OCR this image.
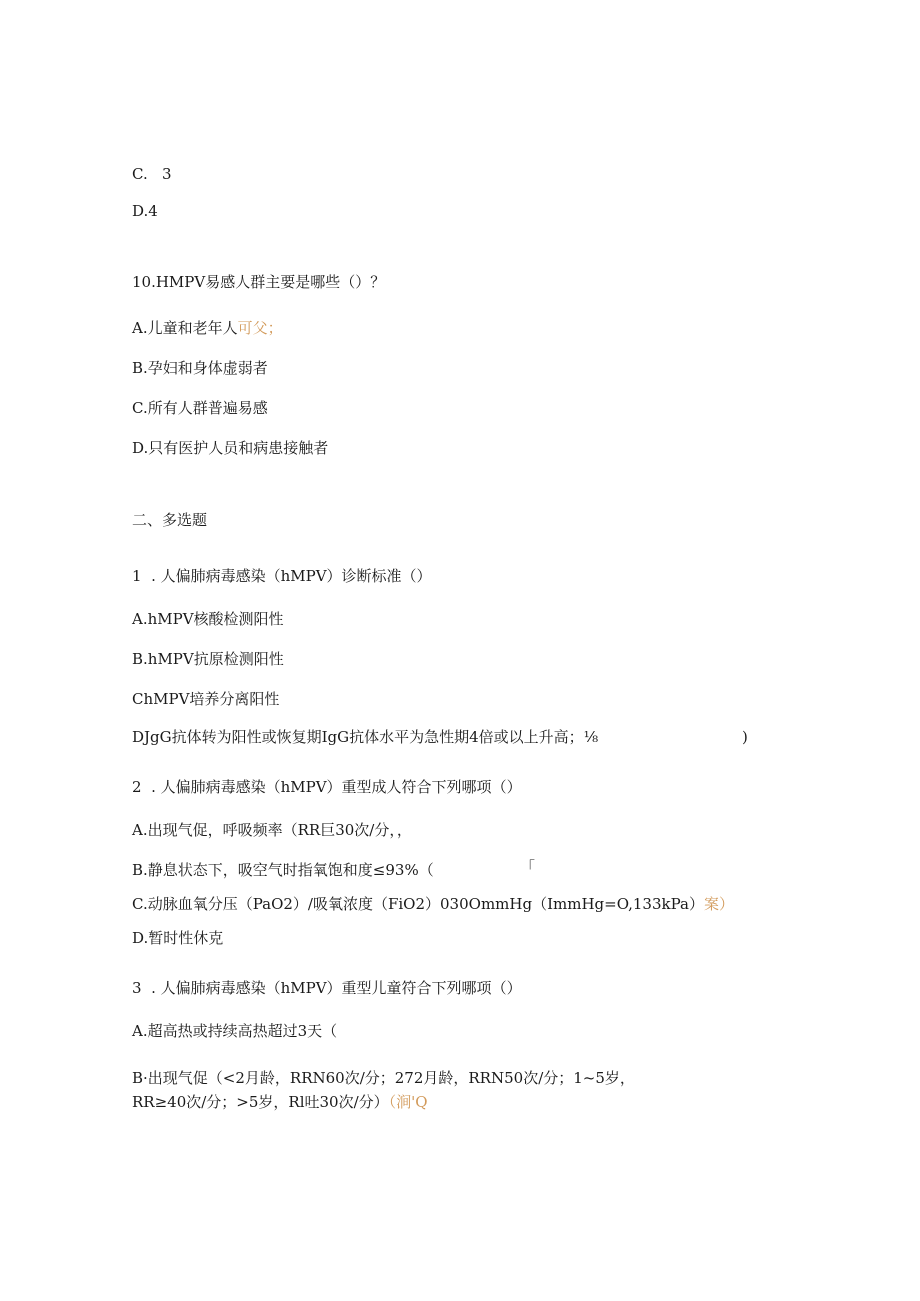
C.   3
D.4
10.HMPV易感人群主要是哪些（）？
A.儿童和老年人可父；
B.孕妇和身体虚弱者
C.所有人群普遍易感
D.只有医护人员和病患接触者
二、多选题
1  . 人偏肺病毒感染（hMPV）诊断标准（）
A.hMPV核酸检测阳性
B.hMPV抗原检测阳性
ChMPV培养分离阳性
DJgG抗体转为阳性或恢复期IgG抗体水平为急性期4倍或以上升高；⅛	)
2  . 人偏肺病毒感染（hMPV）重型成人符合下列哪项（）
A.出现气促，呼吸频率（RR巨30次/分，，
B.静息状态下，吸空气时指氧饱和度≤93%（	「
C.动脉血氧分压（PaO2）/吸氧浓度（FiO2）030OmmHg（ImmHg=O,133kPa）案）
D.暂时性休克
3  . 人偏肺病毒感染（hMPV）重型儿童符合下列哪项（）
A.超高热或持续高热超过3天（
B·出现气促（<2月龄，RRN60次/分；272月龄，RRN50次/分；1~5岁，
RR≥40次/分；>5岁，Rl吐30次/分）（涧'Q
